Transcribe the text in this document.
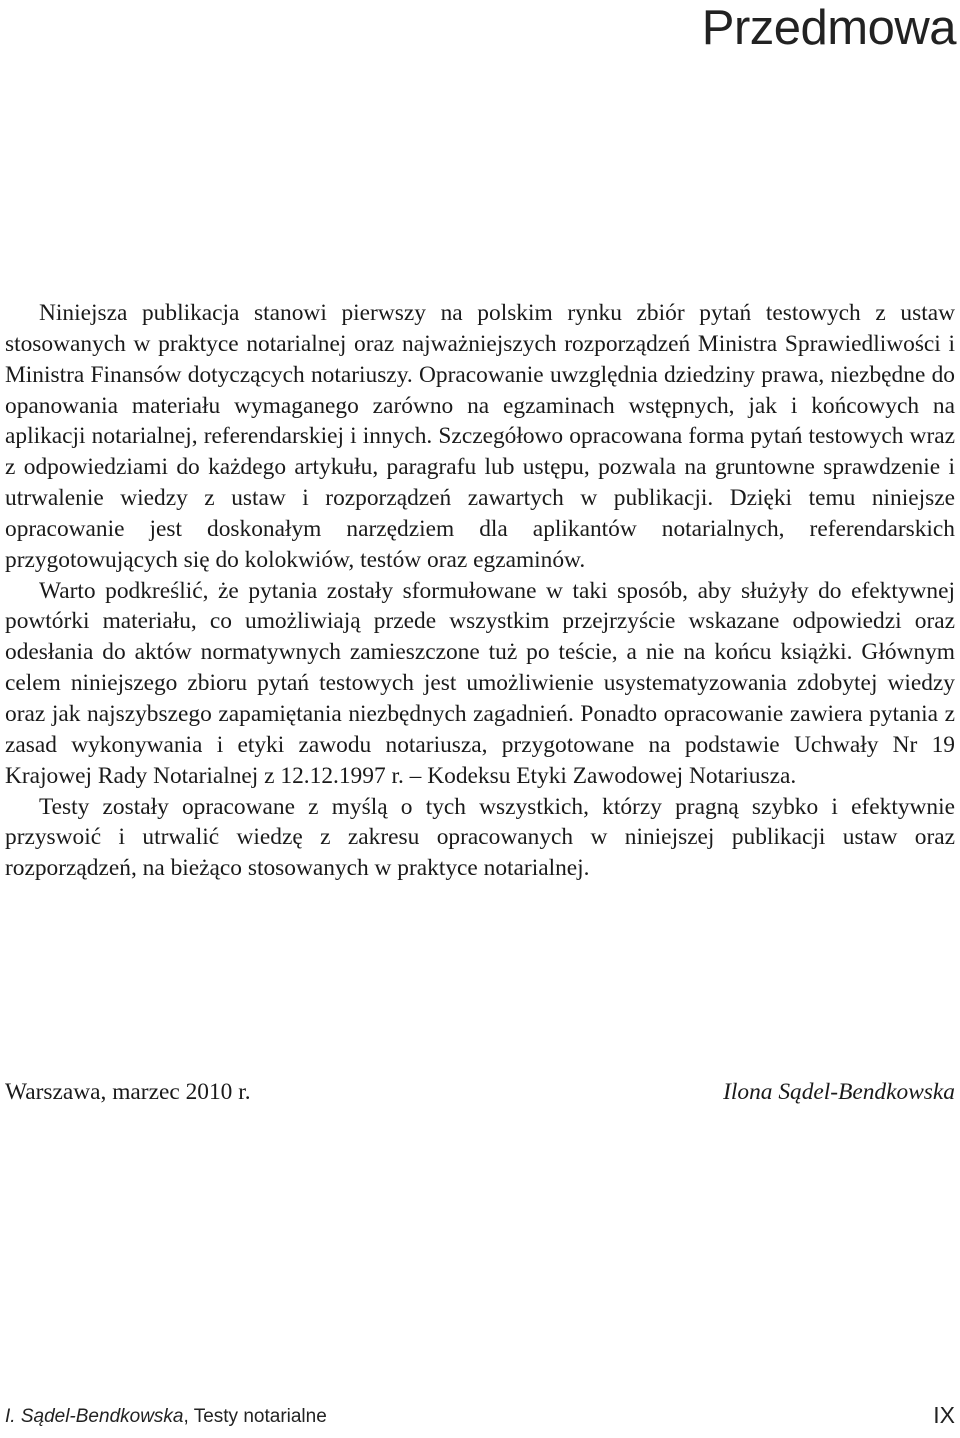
Przedmowa

Niniejsza publikacja stanowi pierwszy na polskim rynku zbiór pytań testowych z ustaw stosowanych w praktyce notarialnej oraz najważniejszych rozporządzeń Ministra Sprawiedliwości i Ministra Finansów dotyczących notariuszy. Opracowanie uwzględnia dziedziny prawa, niezbędne do opanowania materiału wymaganego zarówno na egzaminach wstępnych, jak i końcowych na aplikacji notarialnej, referendarskiej i innych. Szczegółowo opracowana forma pytań testowych wraz z odpowiedziami do każdego artykułu, paragrafu lub ustępu, pozwala na gruntowne sprawdzenie i utrwalenie wiedzy z ustaw i rozporządzeń zawartych w publikacji. Dzięki temu niniejsze opracowanie jest doskonałym narzędziem dla aplikantów notarialnych, referendarskich przygotowujących się do kolokwiów, testów oraz egzaminów.

Warto podkreślić, że pytania zostały sformułowane w taki sposób, aby służyły do efektywnej powtórki materiału, co umożliwiają przede wszystkim przejrzyście wskazane odpowiedzi oraz odesłania do aktów normatywnych zamieszczone tuż po teście, a nie na końcu książki. Głównym celem niniejszego zbioru pytań testowych jest umożliwienie usystematyzowania zdobytej wiedzy oraz jak najszybszego zapamiętania niezbędnych zagadnień. Ponadto opracowanie zawiera pytania z zasad wykonywania i etyki zawodu notariusza, przygotowane na podstawie Uchwały Nr 19 Krajowej Rady Notarialnej z 12.12.1997 r. – Kodeksu Etyki Zawodowej Notariusza.

Testy zostały opracowane z myślą o tych wszystkich, którzy pragną szybko i efektywnie przyswoić i utrwalić wiedzę z zakresu opracowanych w niniejszej publikacji ustaw oraz rozporządzeń, na bieżąco stosowanych w praktyce notarialnej.

Warszawa, marzec 2010 r.	Ilona Sądel-Bendkowska
I. Sądel-Bendkowska, Testy notarialne	IX
